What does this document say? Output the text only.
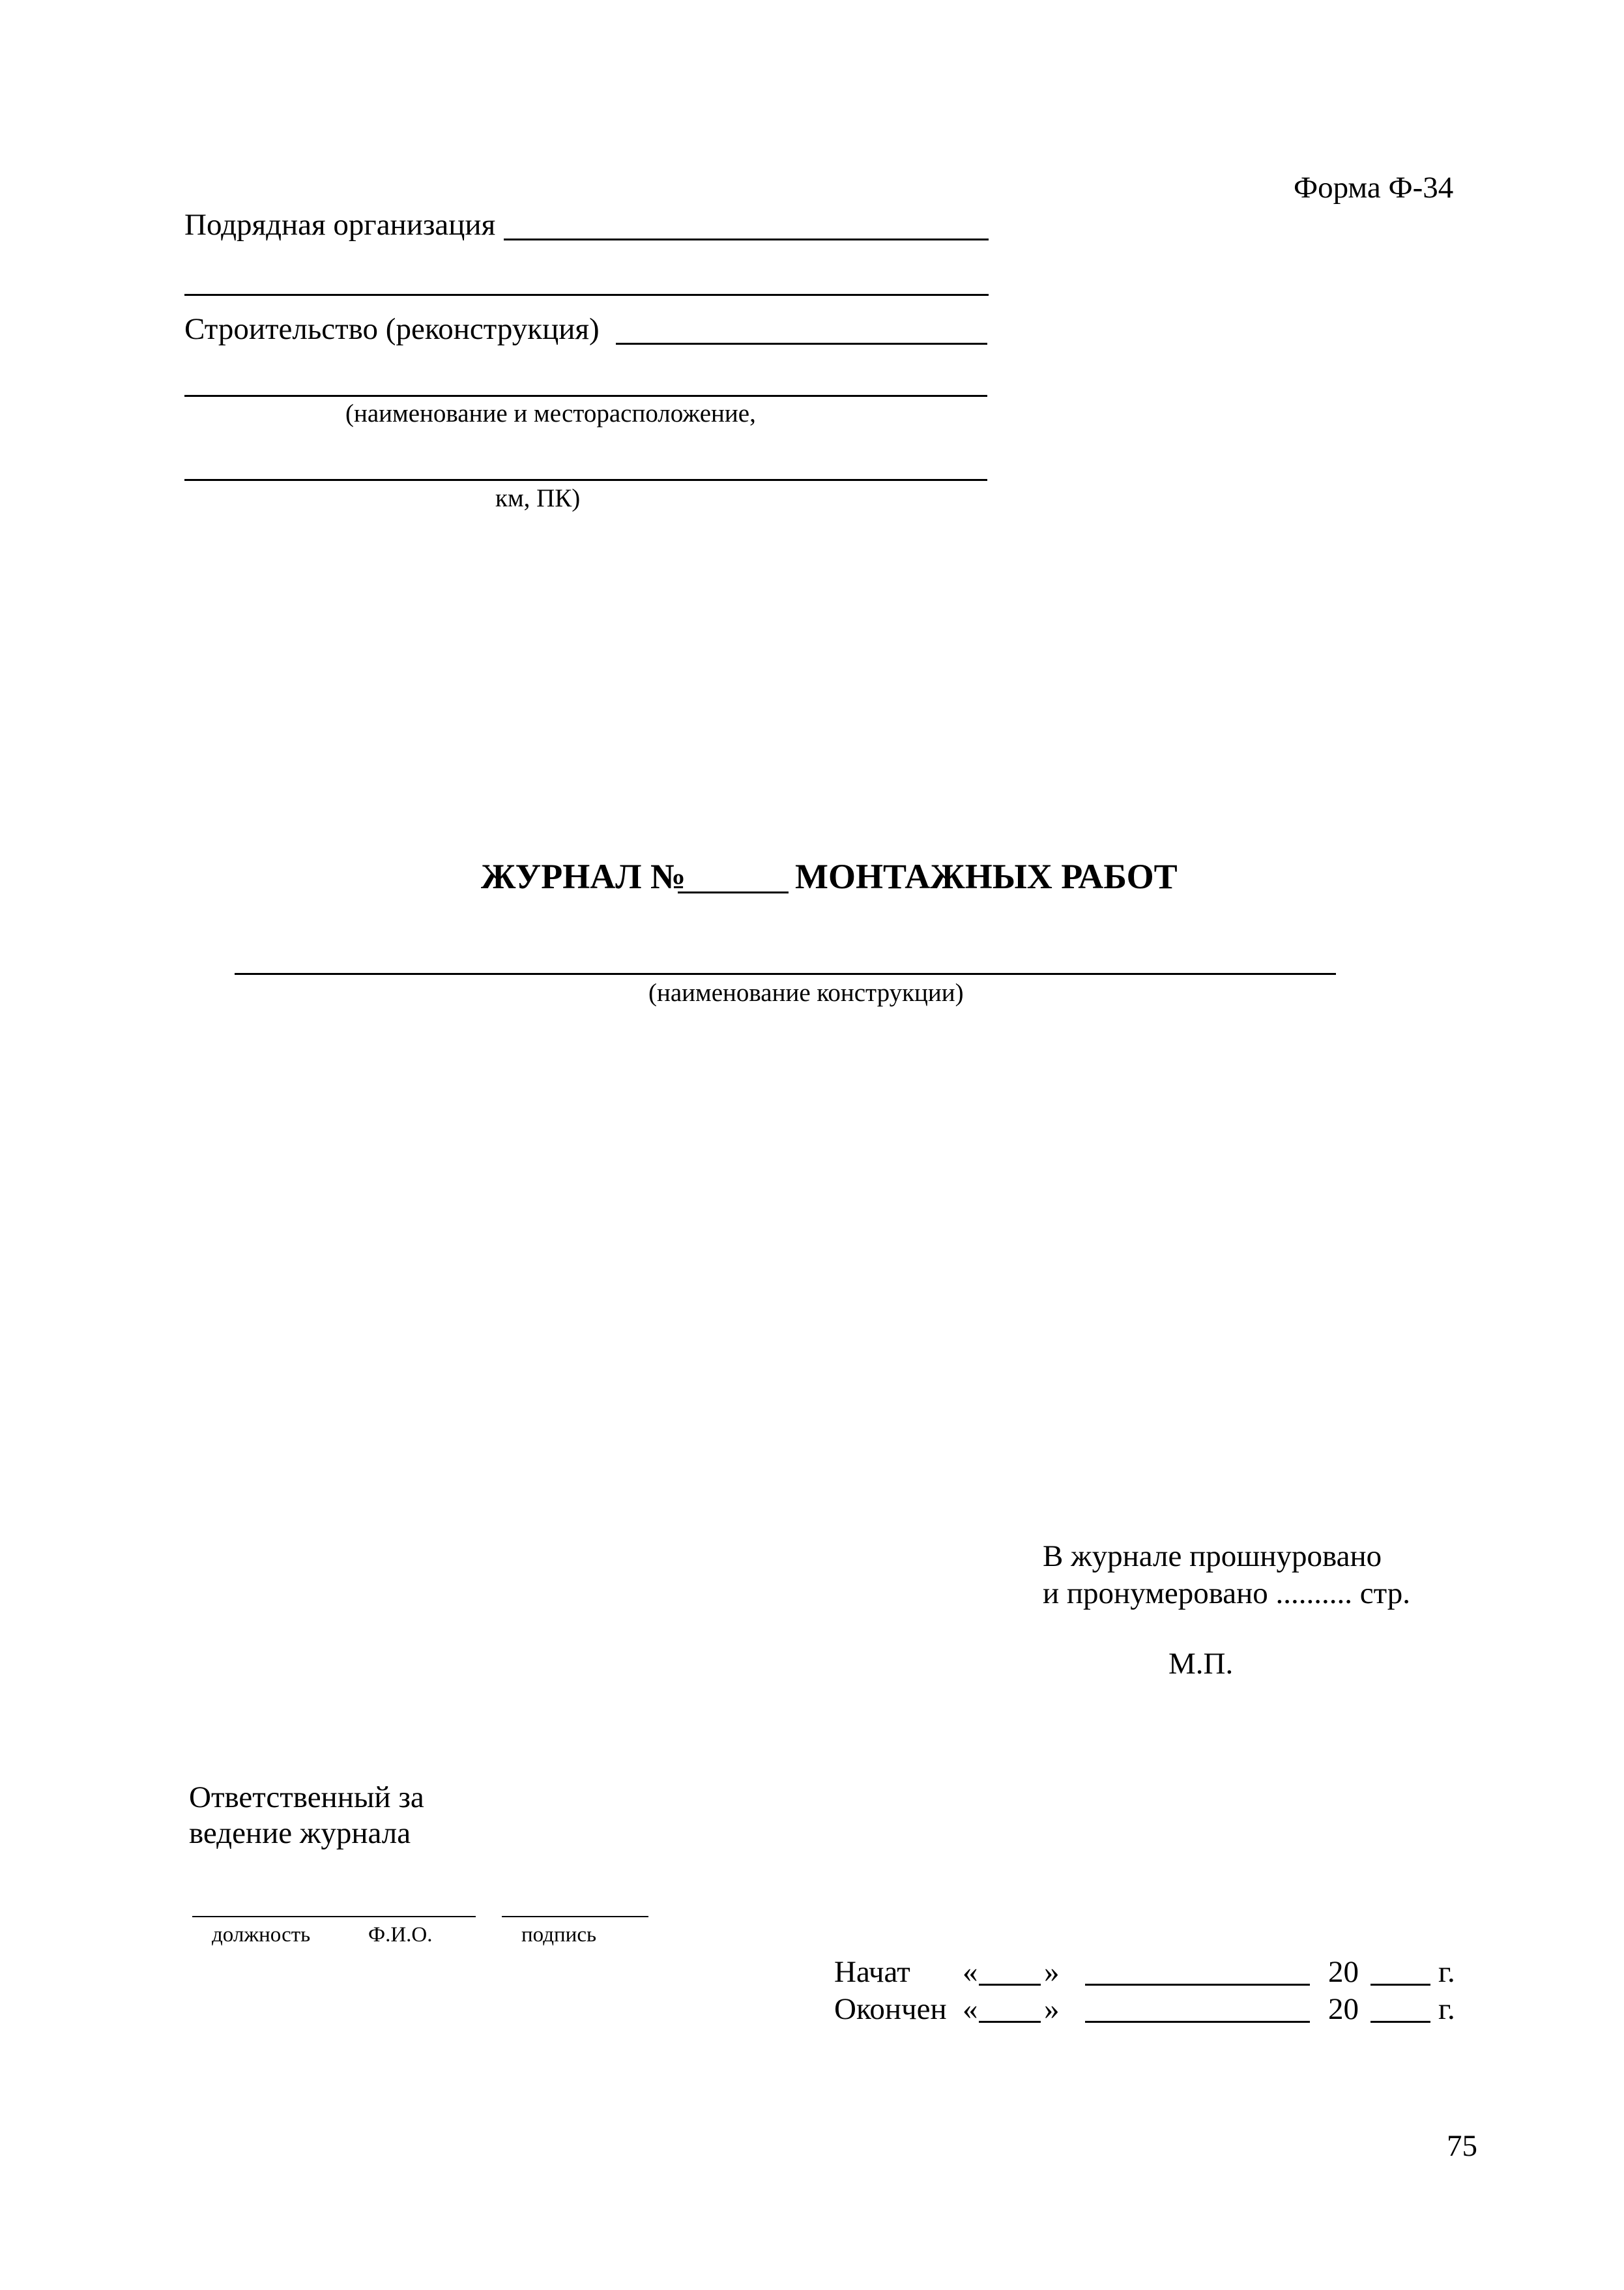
Форма Ф-34
Подрядная организация
Строительство (реконструкция)
(наименование и месторасположение,
км, ПК)
ЖУРНАЛ №	МОНТАЖНЫХ РАБОТ
(наименование конструкции)
В журнале прошнуровано
и пронумеровано .......... стр.
М.П.
Ответственный за
ведение журнала
должность	Ф.И.О.	подпись
Начат « »	20	г.
Окончен « »	20	г.
75
